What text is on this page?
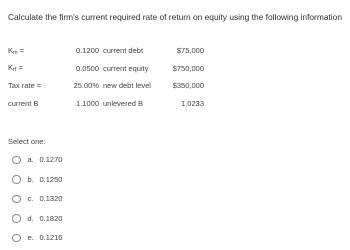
Calculate the firm's current required rate of return on equity using the following information
$K_m$ =	0.1200	current debt	$75,000
$K_{rf}$ =	0.0500	current equity	$750,000
Tax rate =	25.00%	new debt level	$350,000
current B	1.1000	unlevered B	1.0233
Select one:
a. 0.1270
b. 0.1250
c. 0.1320
d. 0.1820
e. 0.1216
